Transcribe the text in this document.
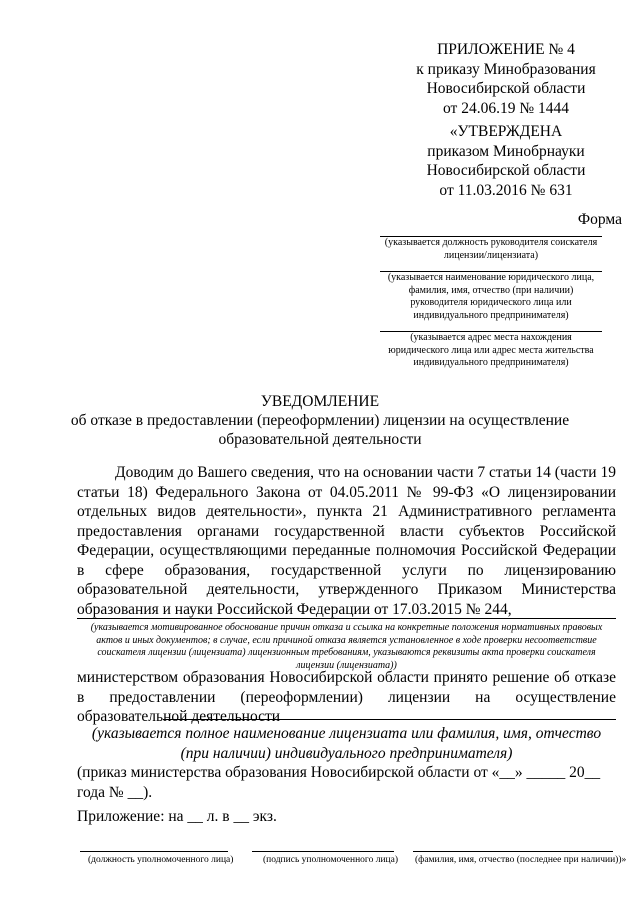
ПРИЛОЖЕНИЕ № 4
к приказу Минобразования
Новосибирской области
от 24.06.19 № 1444
«УТВЕРЖДЕНА
приказом Минобрнауки
Новосибирской области
от 11.03.2016 № 631
Форма
(указывается должность руководителя соискателя лицензии/лицензиата)
(указывается наименование юридического лица, фамилия, имя, отчество (при наличии) руководителя юридического лица или индивидуального предпринимателя)
(указывается адрес места нахождения юридического лица или адрес места жительства индивидуального предпринимателя)
УВЕДОМЛЕНИЕ
об отказе в предоставлении (переоформлении) лицензии на осуществление
образовательной деятельности
Доводим до Вашего сведения, что на основании части 7 статьи 14 (части 19 статьи 18) Федерального Закона от 04.05.2011 № 99-ФЗ «О лицензировании отдельных видов деятельности», пункта 21 Административного регламента предоставления органами государственной власти субъектов Российской Федерации, осуществляющими переданные полномочия Российской Федерации в сфере образования, государственной услуги по лицензированию образовательной деятельности, утвержденного Приказом Министерства образования и науки Российской Федерации от 17.03.2015 № 244,
(указывается мотивированное обоснование причин отказа и ссылка на конкретные положения нормативных правовых актов и иных документов; в случае, если причиной отказа является установленное в ходе проверки несоответствие соискателя лицензии (лицензиата) лицензионным требованиям, указываются реквизиты акта проверки соискателя лицензии (лицензиата))
министерством образования Новосибирской области принято решение об отказе в предоставлении (переоформлении) лицензии на осуществление образовательной деятельности
(указывается полное наименование лицензиата или фамилия, имя, отчество (при наличии) индивидуального предпринимателя)
(приказ министерства образования Новосибирской области от «__» _____ 20__
года № __).
Приложение: на __ л. в __ экз.
(должность уполномоченного лица)	(подпись уполномоченного лица) (фамилия, имя, отчество (последнее при наличии))»
